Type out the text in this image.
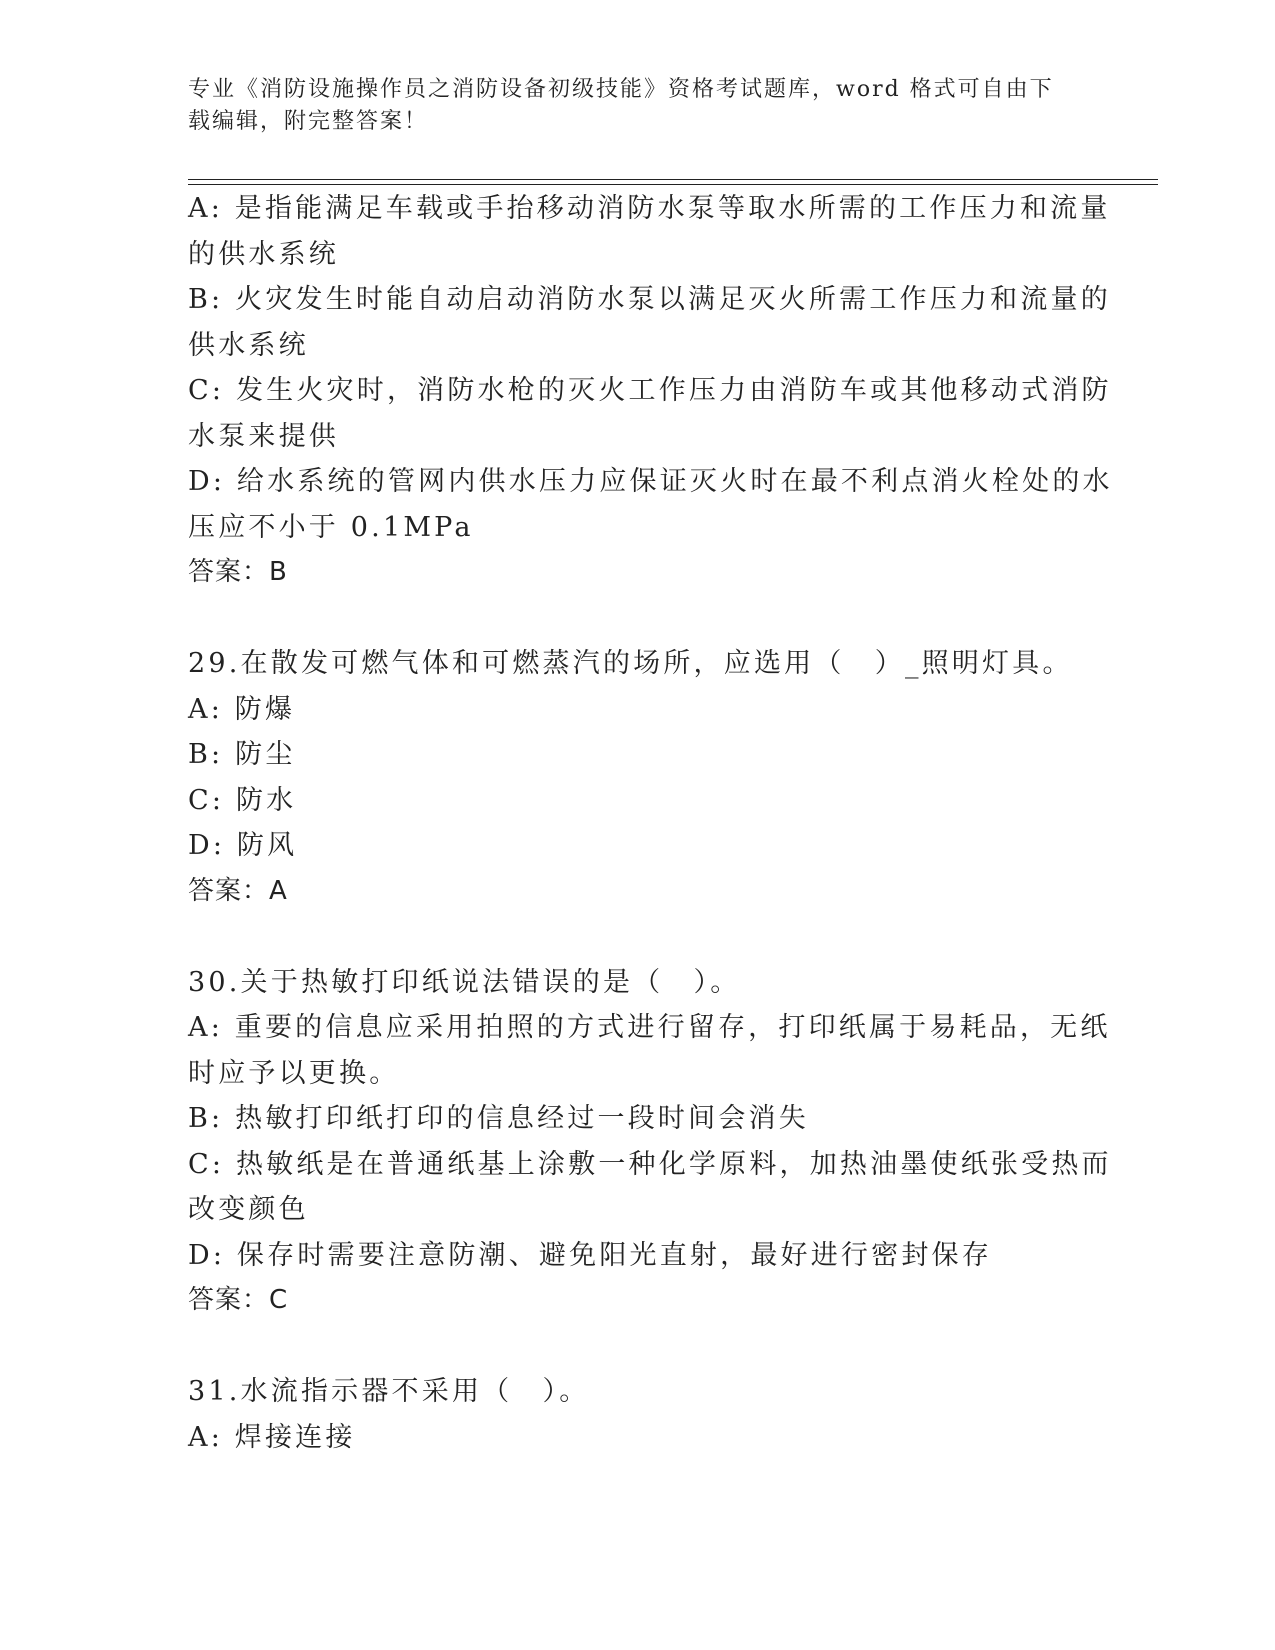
专业《消防设施操作员之消防设备初级技能》资格考试题库，word 格式可自由下
载编辑，附完整答案！
A: 是指能满足车载或手抬移动消防水泵等取水所需的工作压力和流量
的供水系统
B: 火灾发生时能自动启动消防水泵以满足灭火所需工作压力和流量的
供水系统
C: 发生火灾时，消防水枪的灭火工作压力由消防车或其他移动式消防
水泵来提供
D: 给水系统的管网内供水压力应保证灭火时在最不利点消火栓处的水
压应不小于 0.1MPa
答案：B
29.在散发可燃气体和可燃蒸汽的场所，应选用（　）_照明灯具。
A: 防爆
B: 防尘
C: 防水
D: 防风
答案：A
30.关于热敏打印纸说法错误的是（　）。
A: 重要的信息应采用拍照的方式进行留存，打印纸属于易耗品，无纸
时应予以更换。
B: 热敏打印纸打印的信息经过一段时间会消失
C: 热敏纸是在普通纸基上涂敷一种化学原料，加热油墨使纸张受热而
改变颜色
D: 保存时需要注意防潮、避免阳光直射，最好进行密封保存
答案：C
31.水流指示器不采用（　）。
A: 焊接连接
